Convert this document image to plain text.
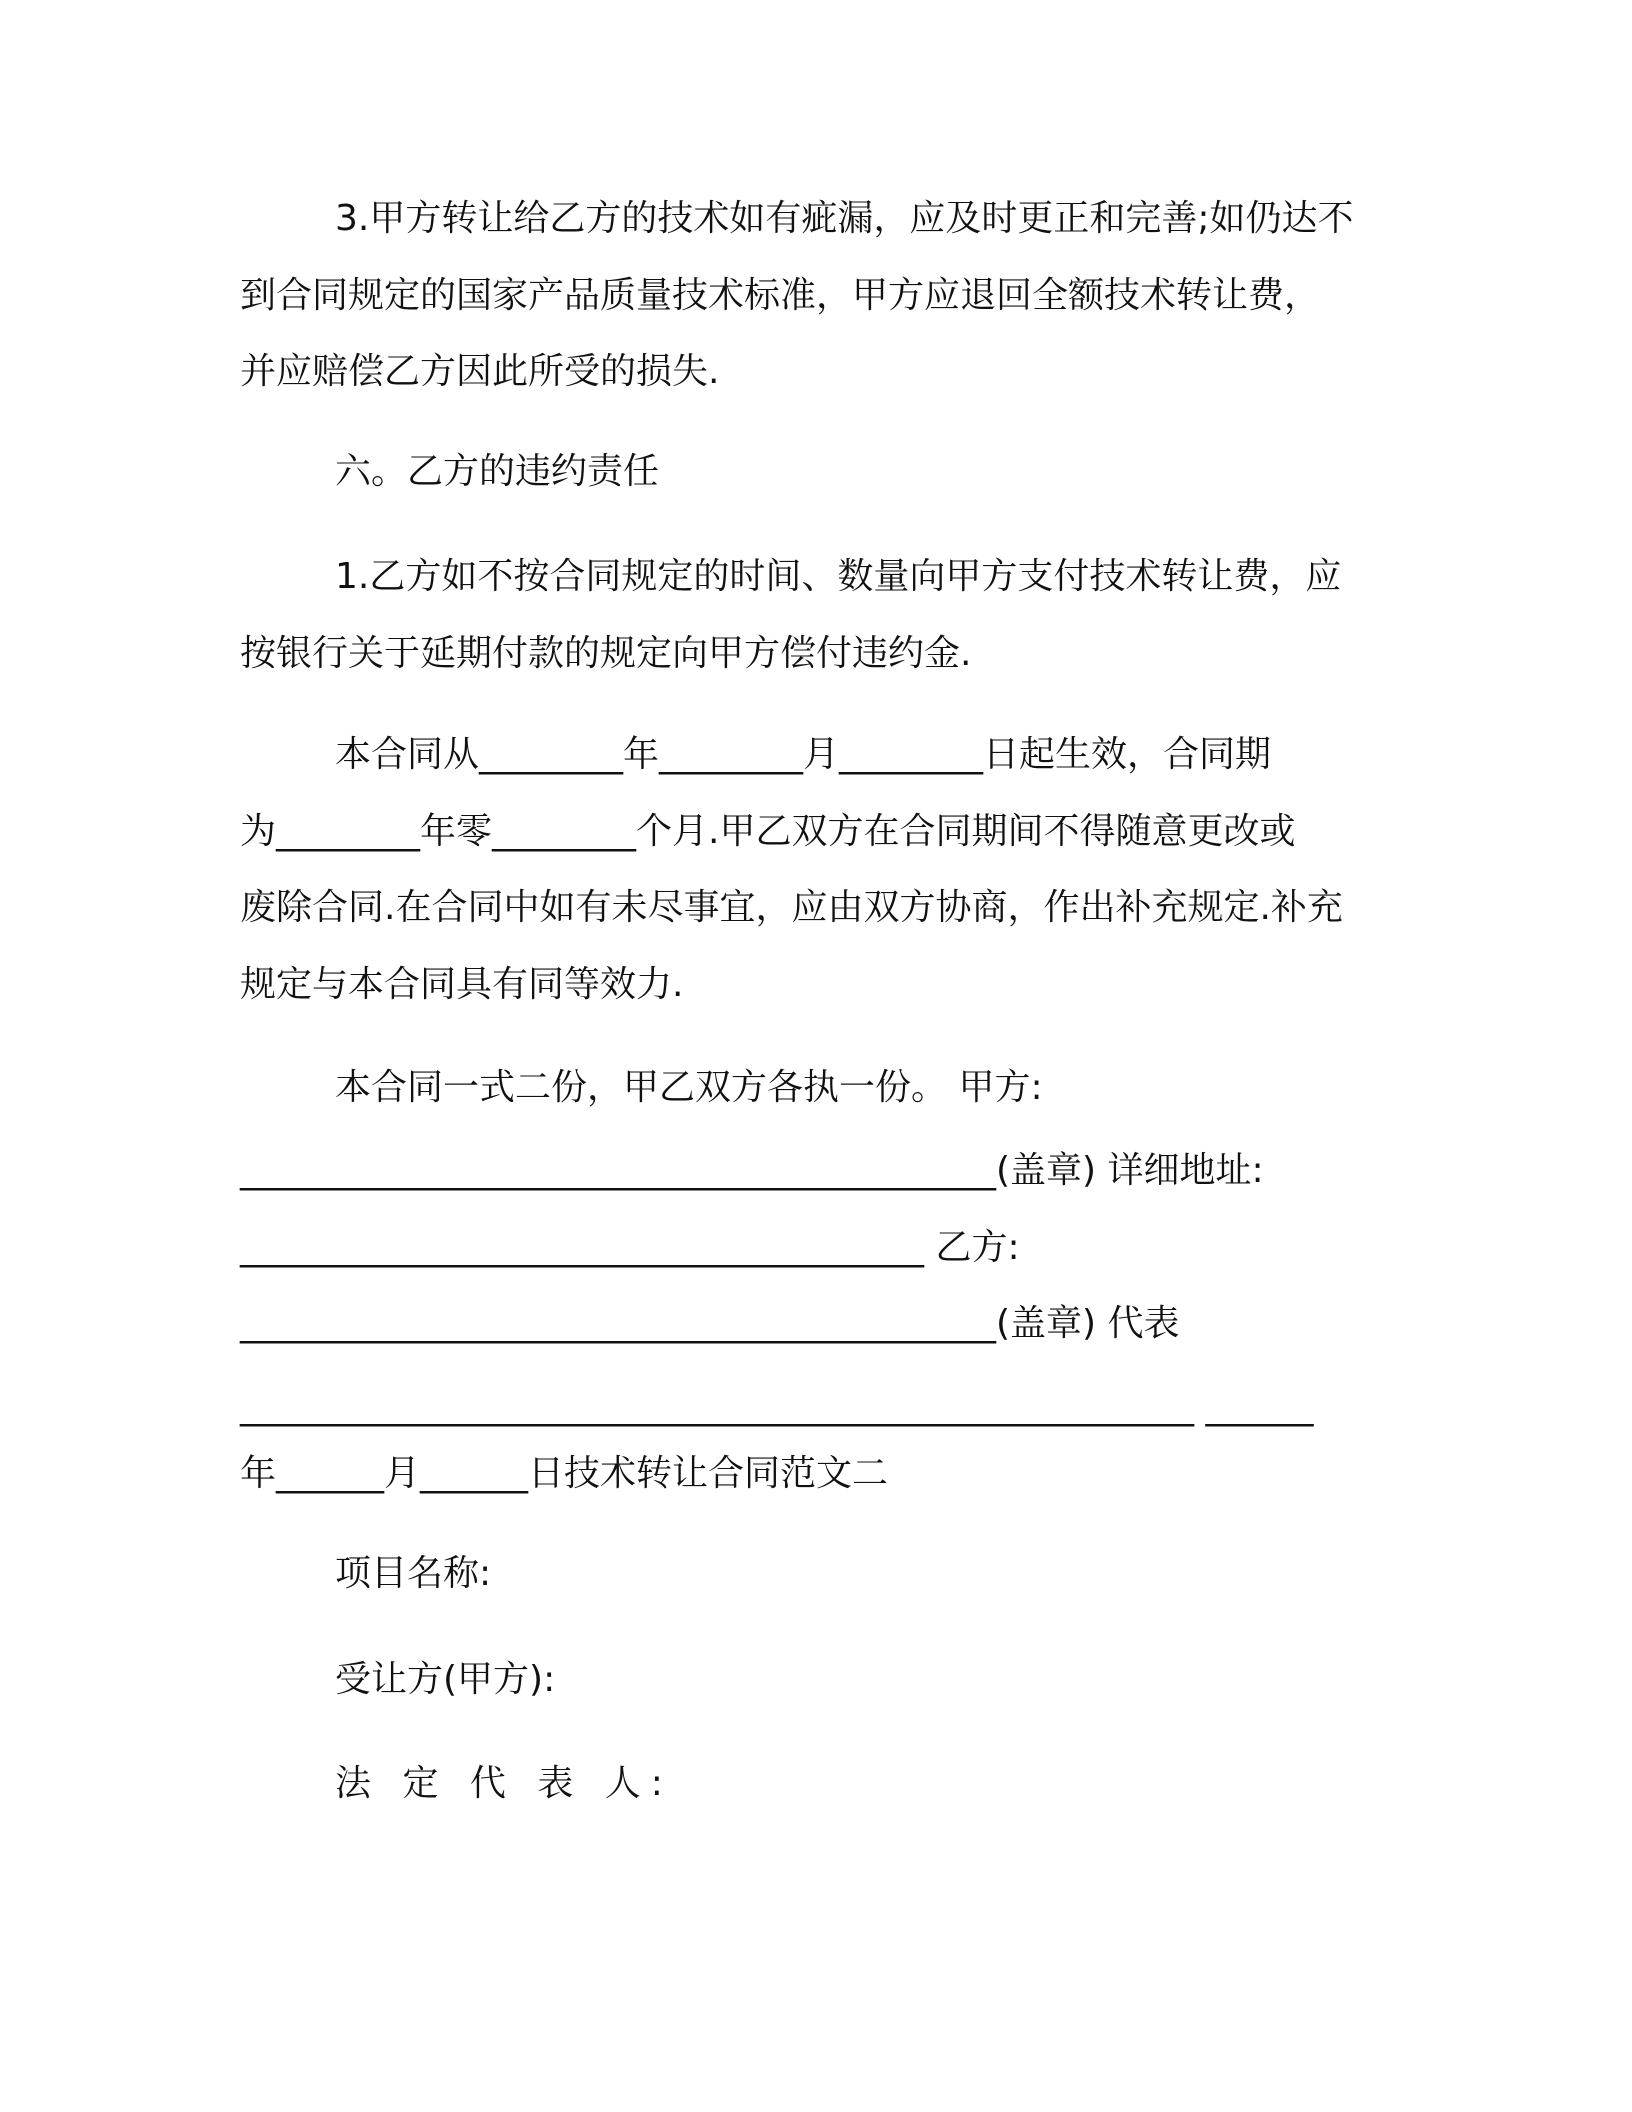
3.甲方转让给乙方的技术如有疵漏，应及时更正和完善;如仍达不
到合同规定的国家产品质量技术标准，甲方应退回全额技术转让费，
并应赔偿乙方因此所受的损失.
六。乙方的违约责任
1.乙方如不按合同规定的时间、数量向甲方支付技术转让费，应
按银行关于延期付款的规定向甲方偿付违约金.
本合同从________年________月________日起生效，合同期
为________年零________个月.甲乙双方在合同期间不得随意更改或
废除合同.在合同中如有未尽事宜，应由双方协商，作出补充规定.补充
规定与本合同具有同等效力.
本合同一式二份，甲乙双方各执一份。 甲方:
__________________________________________(盖章) 详细地址:
______________________________________ 乙方:
__________________________________________(盖章) 代表
_____________________________________________________ ______
年______月______日技术转让合同范文二
项目名称:
受让方(甲方):
法 定 代 表 人:
